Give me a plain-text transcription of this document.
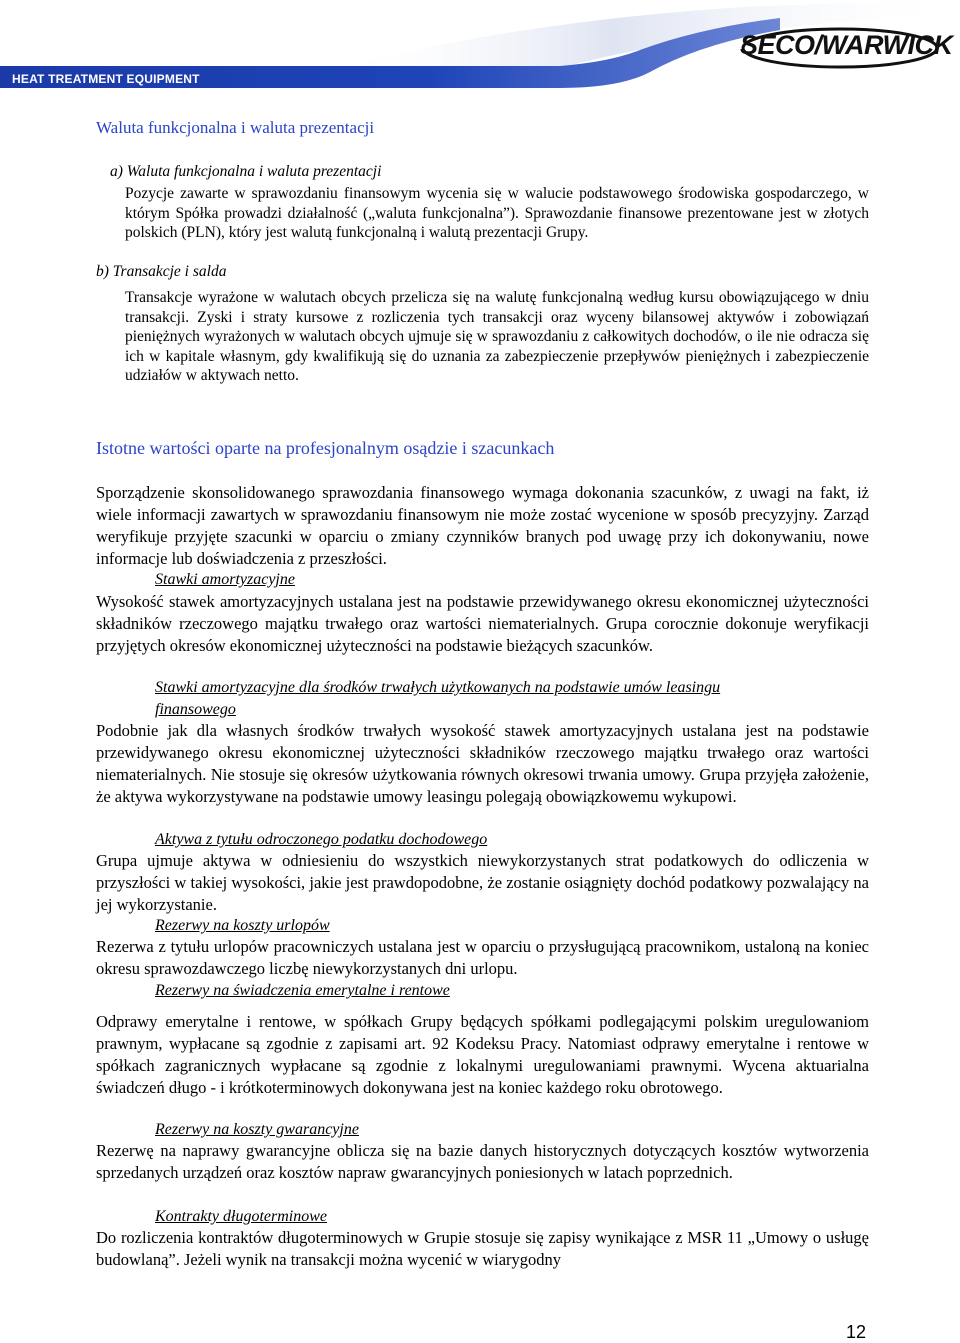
HEAT TREATMENT EQUIPMENT
SECO/WARWICK
Waluta funkcjonalna i waluta prezentacji
a) Waluta funkcjonalna i waluta prezentacji
Pozycje zawarte w sprawozdaniu finansowym wycenia się w walucie podstawowego środowiska gospodarczego, w którym Spółka prowadzi działalność („waluta funkcjonalna”). Sprawozdanie finansowe prezentowane jest w złotych polskich (PLN), który jest walutą funkcjonalną i walutą prezentacji Grupy.
b) Transakcje i salda
Transakcje wyrażone w walutach obcych przelicza się na walutę funkcjonalną według kursu obowiązującego w dniu transakcji. Zyski i straty kursowe z rozliczenia tych transakcji oraz wyceny bilansowej aktywów i zobowiązań pieniężnych wyrażonych w walutach obcych ujmuje się w sprawozdaniu z całkowitych dochodów, o ile nie odracza się ich w kapitale własnym, gdy kwalifikują się do uznania za zabezpieczenie przepływów pieniężnych i zabezpieczenie udziałów w aktywach netto.
Istotne wartości oparte na profesjonalnym osądzie i szacunkach
Sporządzenie skonsolidowanego sprawozdania finansowego wymaga dokonania szacunków, z uwagi na fakt, iż wiele informacji zawartych w sprawozdaniu finansowym nie może zostać wycenione w sposób precyzyjny. Zarząd weryfikuje przyjęte szacunki w oparciu o zmiany czynników branych pod uwagę przy ich dokonywaniu, nowe informacje lub doświadczenia z przeszłości.
Stawki amortyzacyjne
Wysokość stawek amortyzacyjnych ustalana jest na podstawie przewidywanego okresu ekonomicznej użyteczności składników rzeczowego majątku trwałego oraz wartości niematerialnych. Grupa corocznie dokonuje weryfikacji przyjętych okresów ekonomicznej użyteczności na podstawie bieżących szacunków.
Stawki amortyzacyjne dla środków trwałych użytkowanych na podstawie umów leasingu
finansowego
Podobnie jak dla własnych środków trwałych wysokość stawek amortyzacyjnych ustalana jest na podstawie przewidywanego okresu ekonomicznej użyteczności składników rzeczowego majątku trwałego oraz wartości niematerialnych. Nie stosuje się okresów użytkowania równych okresowi trwania umowy. Grupa przyjęła założenie, że aktywa wykorzystywane na podstawie umowy leasingu polegają obowiązkowemu wykupowi.
Aktywa z tytułu odroczonego podatku dochodowego
Grupa ujmuje aktywa w odniesieniu do wszystkich niewykorzystanych strat podatkowych do odliczenia w przyszłości w takiej wysokości, jakie jest prawdopodobne, że zostanie osiągnięty dochód podatkowy pozwalający na jej wykorzystanie.
Rezerwy na koszty urlopów
Rezerwa z tytułu urlopów pracowniczych ustalana jest w oparciu o przysługującą pracownikom, ustaloną na koniec okresu sprawozdawczego liczbę niewykorzystanych dni urlopu.
Rezerwy na świadczenia emerytalne i rentowe
Odprawy emerytalne i rentowe, w spółkach Grupy będących spółkami podlegającymi polskim uregulowaniom prawnym, wypłacane są zgodnie z zapisami art. 92 Kodeksu Pracy. Natomiast odprawy emerytalne i rentowe w spółkach zagranicznych wypłacane są zgodnie z lokalnymi uregulowaniami prawnymi. Wycena aktuarialna świadczeń długo - i krótkoterminowych dokonywana jest na koniec każdego roku obrotowego.
Rezerwy na koszty gwarancyjne
Rezerwę na naprawy gwarancyjne oblicza się na bazie danych historycznych dotyczących kosztów wytworzenia sprzedanych urządzeń oraz kosztów napraw gwarancyjnych poniesionych w latach poprzednich.
Kontrakty długoterminowe
Do rozliczenia kontraktów długoterminowych w Grupie stosuje się zapisy wynikające z MSR 11 „Umowy o usługę budowlaną”. Jeżeli wynik na transakcji można wycenić w wiarygodny
12
